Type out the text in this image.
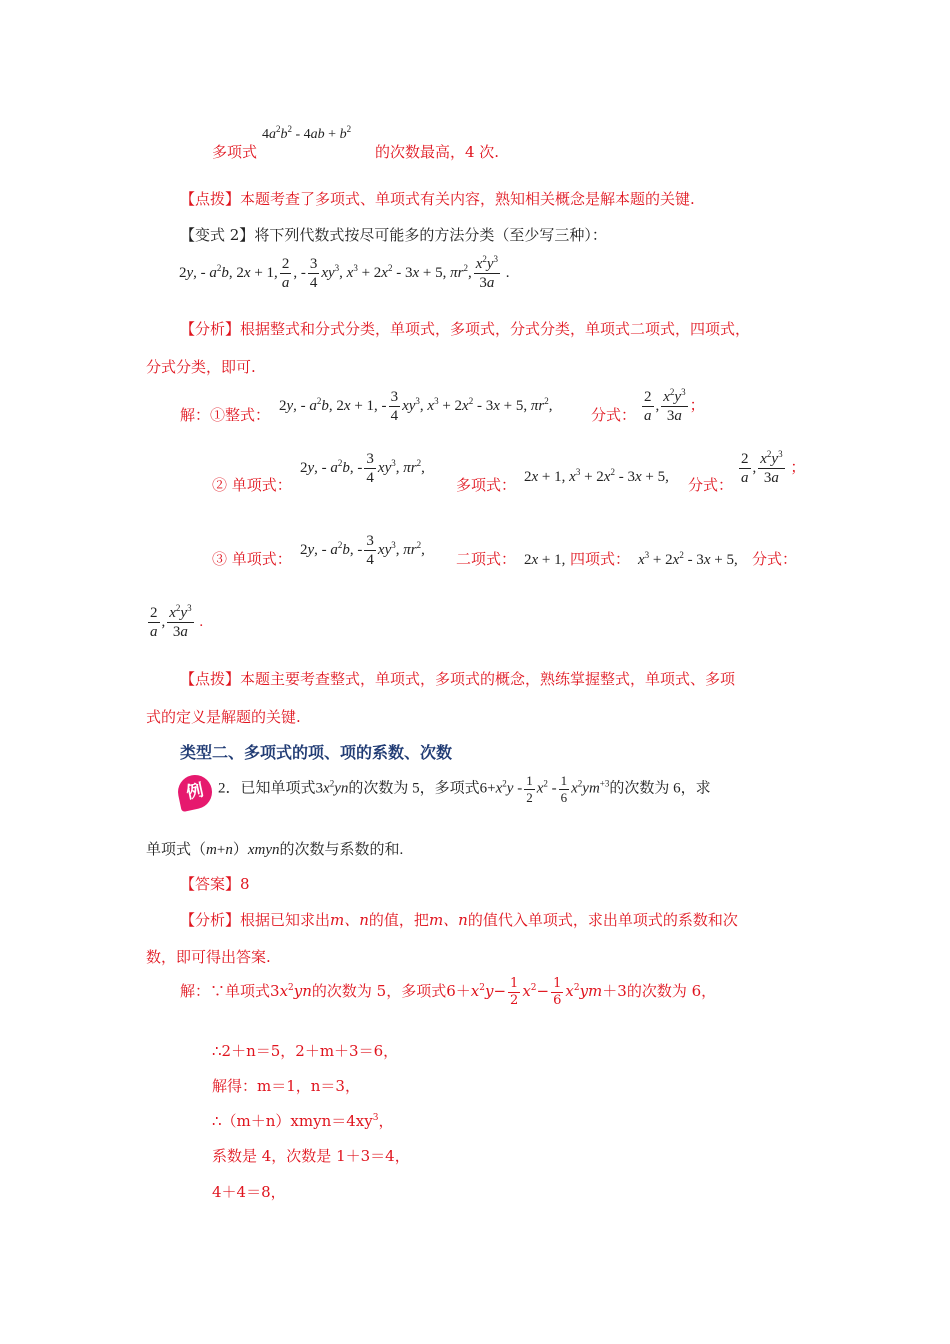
多项式
$4a^2b^2 - 4ab + b^2$
的次数最高，4 次.
【点拨】本题考查了多项式、单项式有关内容，熟知相关概念是解本题的关键.
【变式 2】将下列代数式按尽可能多的方法分类（至少写三种）：
2y, - $a^2b$, 2x + 1, $\frac{2}{a}$ , - $\frac{3}{4} xy^3$, $x^3 + 2x^2 - 3x + 5$, $\pi r^2$, $\frac{x^2y^3}{3a}$ .
【分析】根据整式和分式分类，单项式，多项式，分式分类，单项式二项式，四项式，
分式分类，即可.
解：①整式：
2y, - $a^2b$, 2x + 1, - $\frac{3}{4} xy^3$, $x^3 + 2x^2 - 3x + 5$, $\pi r^2$,
分式： $\frac{2}{a}$ , $\frac{x^2y^3}{3a}$ ；
② 单项式：
2y, - $a^2b$, - $\frac{3}{4} xy^3$, $\pi r^2$,
多项式： 2x + 1, $x^3 + 2x^2 - 3x + 5$, 分式： $\frac{2}{a}$ , $\frac{x^2y^3}{3a}$ ；
③ 单项式：
2y, - $a^2b$, - $\frac{3}{4} xy^3$, $\pi r^2$,
二项式： 2x + 1, 四项式： $x^3 + 2x^2 - 3x + 5$, 分式：
$\frac{2}{a}$ , $\frac{x^2y^3}{3a}$ .
【点拨】本题主要考查整式，单项式，多项式的概念，熟练掌握整式，单项式、多项
式的定义是解题的关键.
类型二、多项式的项、项的系数、次数
例 2．已知单项式$3x^2yn$的次数为 5，多项式$6+x^2y - \frac{1}{2} x^2 - \frac{1}{6} x^2ym^{+3}$的次数为 6，求
单项式（m+n）xmyn的次数与系数的和.
【答案】8
【分析】根据已知求出m、n的值，把m、n的值代入单项式，求出单项式的系数和次
数，即可得出答案.
解：∵单项式$3x^2yn$的次数为 5，多项式$6+x^2y- \frac{1}{2} x^2- \frac{1}{6} x^2ym+3$的次数为 6，
∴2＋n＝5，2＋m＋3＝6，
解得：m＝1，n＝3，
$\therefore(m+n)xmyn=4xy^3$，
系数是 4，次数是 1＋3＝4，
4＋4＝8，
